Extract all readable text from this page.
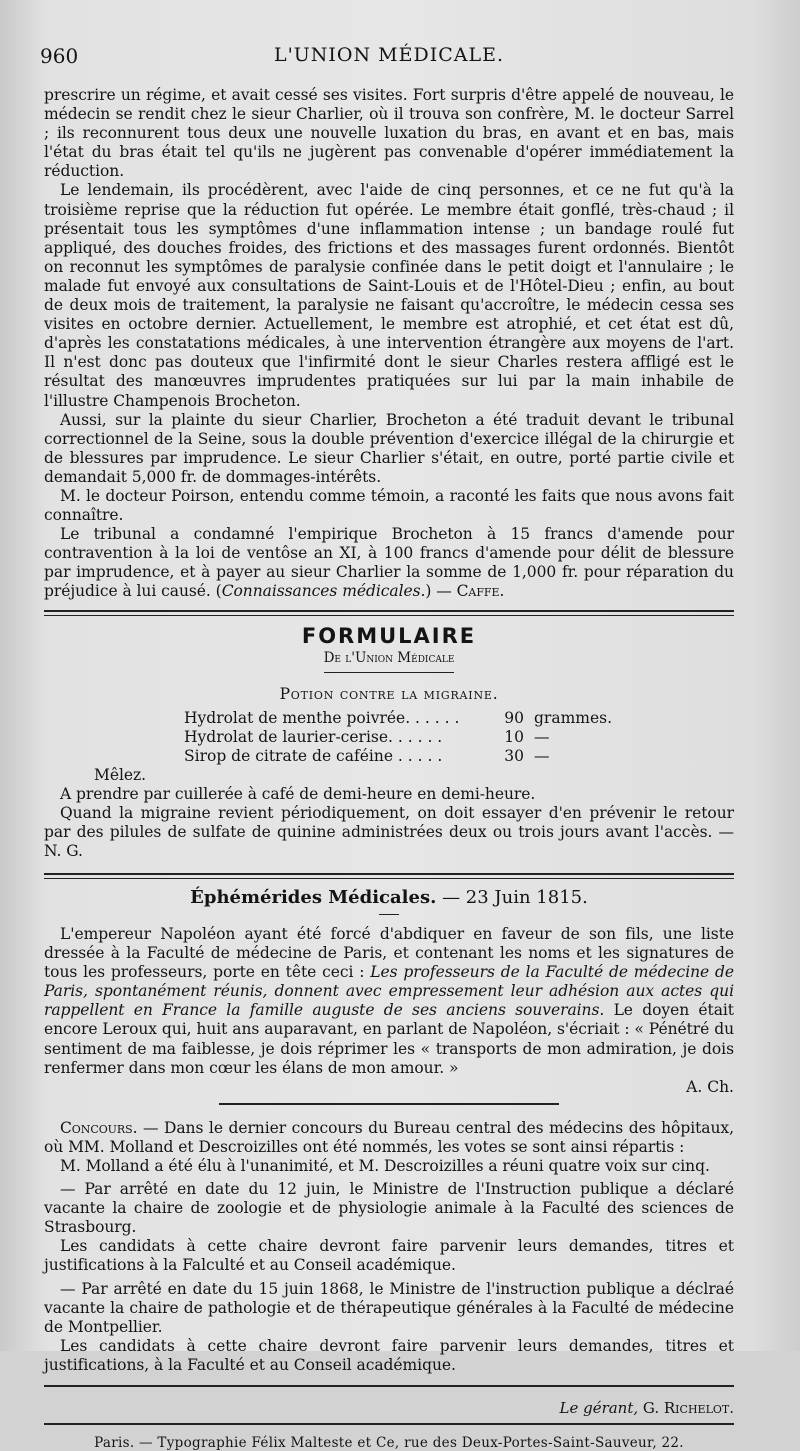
960	L'UNION MÉDICALE.

prescrire un régime, et avait cessé ses visites. Fort surpris d'être appelé de nouveau, le médecin se rendit chez le sieur Charlier, où il trouva son confrère, M. le docteur Sarrel ; ils reconnurent tous deux une nouvelle luxation du bras, en avant et en bas, mais l'état du bras était tel qu'ils ne jugèrent pas convenable d'opérer immédiatement la réduction.

Le lendemain, ils procédèrent, avec l'aide de cinq personnes, et ce ne fut qu'à la troisième reprise que la réduction fut opérée. Le membre était gonflé, très-chaud ; il présentait tous les symptômes d'une inflammation intense ; un bandage roulé fut appliqué, des douches froides, des frictions et des massages furent ordonnés. Bientôt on reconnut les symptômes de paralysie confinée dans le petit doigt et l'annulaire ; le malade fut envoyé aux consultations de Saint-Louis et de l'Hôtel-Dieu ; enfin, au bout de deux mois de traitement, la paralysie ne faisant qu'accroître, le médecin cessa ses visites en octobre dernier. Actuellement, le membre est atrophié, et cet état est dû, d'après les constatations médicales, à une intervention étrangère aux moyens de l'art. Il n'est donc pas douteux que l'infirmité dont le sieur Charles restera affligé est le résultat des manœuvres imprudentes pratiquées sur lui par la main inhabile de l'illustre Champenois Brocheton.

Aussi, sur la plainte du sieur Charlier, Brocheton a été traduit devant le tribunal correctionnel de la Seine, sous la double prévention d'exercice illégal de la chirurgie et de blessures par imprudence. Le sieur Charlier s'était, en outre, porté partie civile et demandait 5,000 fr. de dommages-intérêts.

M. le docteur Poirson, entendu comme témoin, a raconté les faits que nous avons fait connaître.

Le tribunal a condamné l'empirique Brocheton à 15 francs d'amende pour contravention à la loi de ventôse an XI, à 100 francs d'amende pour délit de blessure par imprudence, et à payer au sieur Charlier la somme de 1,000 fr. pour réparation du préjudice à lui causé. (Connaissances médicales.) — Caffe.

FORMULAIRE
De l'Union Médicale
Potion contre la migraine.
Hydrolat de menthe poivrée. . . . . .	90 grammes.
Hydrolat de laurier-cerise. . . . . .	10 —
Sirop de citrate de caféine . . . . .	30 —

Mêlez.

A prendre par cuillerée à café de demi-heure en demi-heure.

Quand la migraine revient périodiquement, on doit essayer d'en prévenir le retour par des pilules de sulfate de quinine administrées deux ou trois jours avant l'accès. — N. G.

Éphémérides Médicales. — 23 Juin 1815.

L'empereur Napoléon ayant été forcé d'abdiquer en faveur de son fils, une liste dressée à la Faculté de médecine de Paris, et contenant les noms et les signatures de tous les professeurs, porte en tête ceci : Les professeurs de la Faculté de médecine de Paris, spontanément réunis, donnent avec empressement leur adhésion aux actes qui rappellent en France la famille auguste de ses anciens souverains. Le doyen était encore Leroux qui, huit ans auparavant, en parlant de Napoléon, s'écriait : « Pénétré du sentiment de ma faiblesse, je dois réprimer les « transports de mon admiration, je dois renfermer dans mon cœur les élans de mon amour. »

A. Ch.

Concours. — Dans le dernier concours du Bureau central des médecins des hôpitaux, où MM. Molland et Descroizilles ont été nommés, les votes se sont ainsi répartis :

M. Molland a été élu à l'unanimité, et M. Descroizilles a réuni quatre voix sur cinq.

— Par arrêté en date du 12 juin, le Ministre de l'Instruction publique a déclaré vacante la chaire de zoologie et de physiologie animale à la Faculté des sciences de Strasbourg.

Les candidats à cette chaire devront faire parvenir leurs demandes, titres et justifications à la Falculté et au Conseil académique.

— Par arrêté en date du 15 juin 1868, le Ministre de l'instruction publique a déclraé vacante la chaire de pathologie et de thérapeutique générales à la Faculté de médecine de Montpellier.

Les candidats à cette chaire devront faire parvenir leurs demandes, titres et justifications, à la Faculté et au Conseil académique.

Le gérant, G. Richelot.
Paris. — Typographie Félix Malteste et Ce, rue des Deux-Portes-Saint-Sauveur, 22.
